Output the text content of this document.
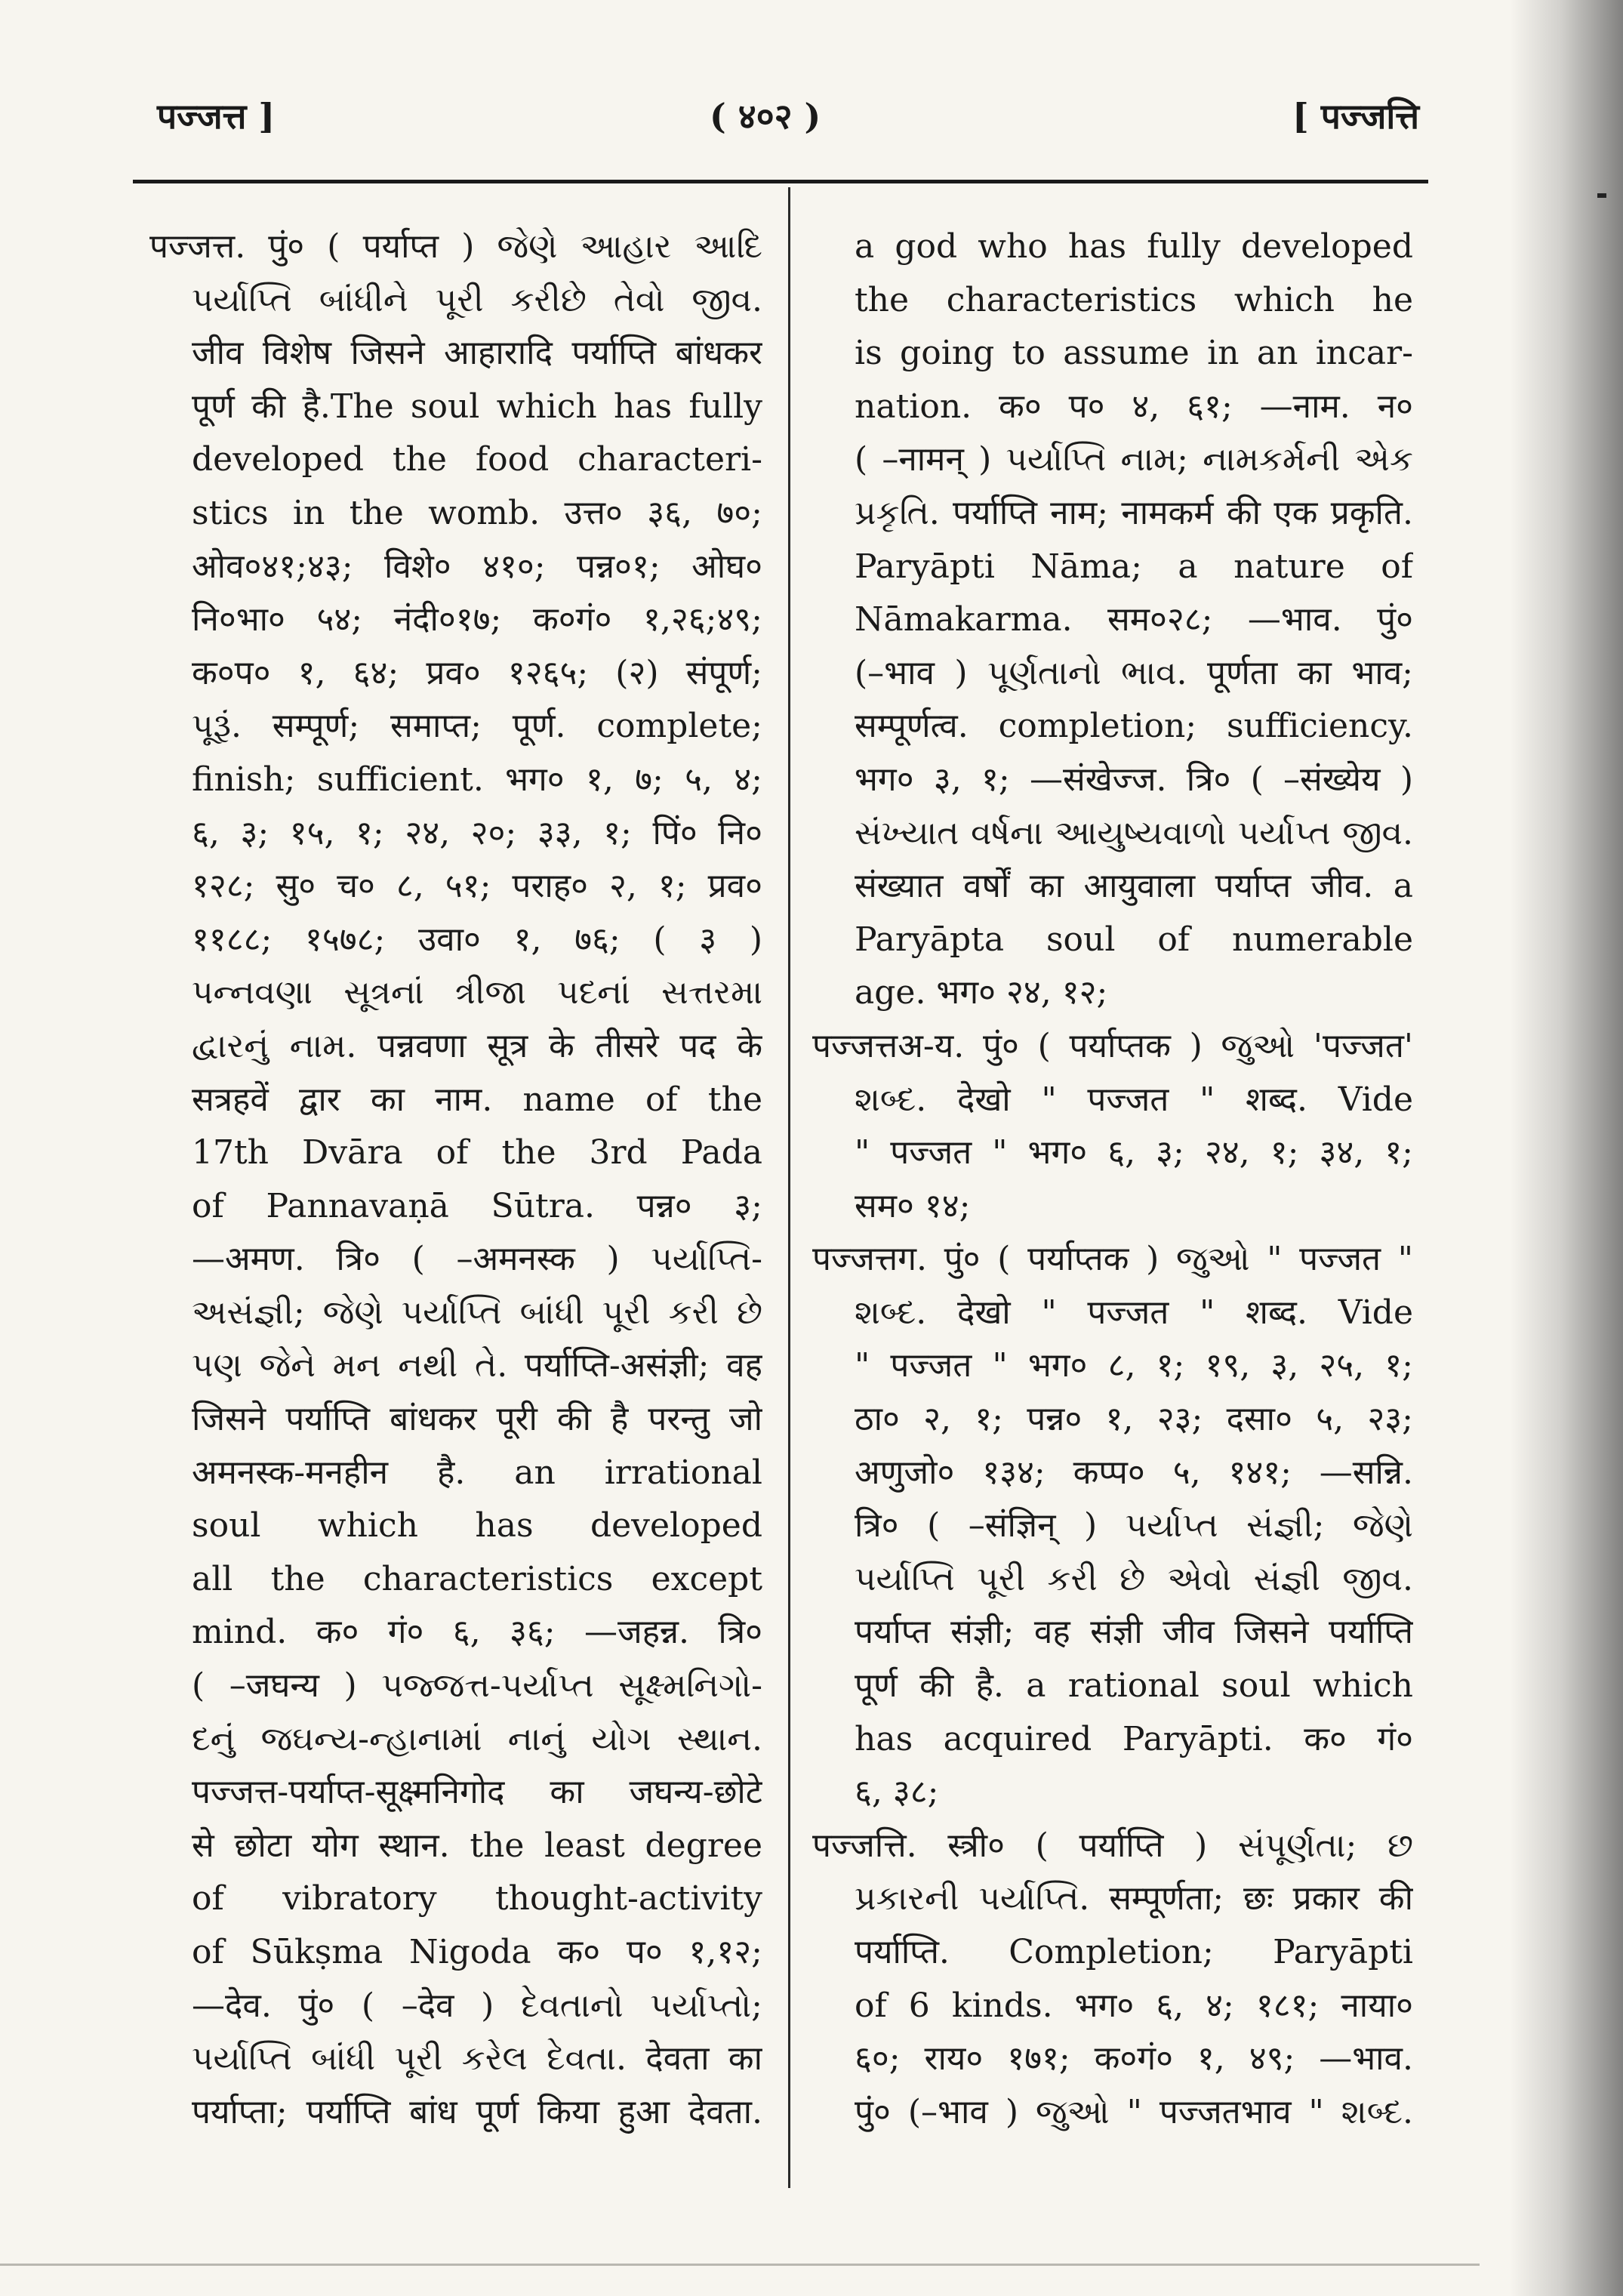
पज्जत्त ]	( ४०२ )	[ पज्जत्ति
पज्जत्त. पुं० ( पर्याप्त ) જેણે આહાર આદિ
પર્યાપ્તિ બાંધીને પૂરી કરીછે તેવો જીવ.
जीव विशेष जिसने आहारादि पर्याप्ति बांधकर
पूर्ण की है.The soul which has fully
developed the food characteri-
stics in the womb. उत्त० ३६, ७०;
ओव०४१;४३; विशे० ४१०; पन्न०१; ओघ०
नि०भा० ५४; नंदी०१७; क०गं० १,२६;४९;
क०प० १, ६४; प्रव० १२६५; (२) संपूर्ण;
પૂરૂં. सम्पूर्ण; समाप्त; पूर्ण. complete;
finish; sufficient. भग० १, ७; ५, ४;
६, ३; १५, १; २४, २०; ३३, १; पिं० नि०
१२८; सु० च० ८, ५१; पराह० २, १; प्रव०
११८८; १५७८; उवा० १, ७६; ( ३ )
પન્નવણા સૂત્રનાં ત્રીજા પદનાં સત્તરમા
દ્વારનું નામ. पन्नवणा सूत्र के तीसरे पद के
सत्रहवें द्वार का नाम. name of the
17th Dvāra of the 3rd Pada
of Pannavaṇā Sūtra. पन्न० ३;
—अमण. त्रि० ( –अमनस्क ) પર્યાપ્તિ-
અસંજ્ઞી; જેણે પર્યાપ્તિ બાંધી પૂરી કરી છે
પણ જેને મન નથી તે. पर्याप्ति-असंज्ञी; वह
जिसने पर्याप्ति बांधकर पूरी की है परन्तु जो
अमनस्क-मनहीन है. an irrational
soul which has developed
all the characteristics except
mind. क० गं० ६, ३६; —जहन्न. त्रि०
( –जघन्य ) પજ્જત્ત-પર્યાપ્ત સૂક્ષ્મનિગો-
દનું જઘન્ય-ન્હાનામાં નાનું યોગ સ્થાન.
पज्जत्त-पर्याप्त-सूक्ष्मनिगोद का जघन्य-छोटे
से छोटा योग स्थान. the least degree
of vibratory thought-activity
of Sūkṣma Nigoda क० प० १,१२;
—देव. पुं० ( –देव ) દેવતાનો પર્યાપ્તો;
પર્યાપ્તિ બાંધી પૂરી કરેલ દેવતા. देवता का
पर्याप्ता; पर्याप्ति बांध पूर्ण किया हुआ देवता.
a god who has fully developed
the characteristics which he
is going to assume in an incar-
nation. क० प० ४, ६१; —नाम. न०
( –नामन् ) પર્યાપ્તિ નામ; નામકર્મની એક
પ્રકૃતિ. पर्याप्ति नाम; नामकर्म की एक प्रकृति.
Paryāpti Nāma; a nature of
Nāmakarma. सम०२८; —भाव. पुं०
(–भाव ) પૂર્ણતાનો ભાવ. पूर्णता का भाव;
सम्पूर्णत्व. completion; sufficiency.
भग० ३, १; —संखेज्ज. त्रि० ( –संख्येय )
સંખ્યાત વર્ષના આયુષ્યવાળો પર્યાપ્ત જીવ.
संख्यात वर्षों का आयुवाला पर्याप्त जीव. a
Paryāpta soul of numerable
age. भग० २४, १२;
पज्जत्तअ-य. पुं० ( पर्याप्तक ) જુઓ 'पज्जत'
શબ્દ. देखो " पज्जत " शब्द. Vide
" पज्जत " भग० ६, ३; २४, १; ३४, १;
सम० १४;
पज्जत्तग. पुं० ( पर्याप्तक ) જુઓ " पज्जत "
શબ્દ. देखो " पज्जत " शब्द. Vide
" पज्जत " भग० ८, १; १९, ३, २५, १;
ठा० २, १; पन्न० १, २३; दसा० ५, २३;
अणुजो० १३४; कप्प० ५, १४१; —सन्नि.
त्रि० ( –संज्ञिन् ) પર્યાપ્ત સંજ્ઞી; જેણે
પર્યાપ્તિ પૂરી કરી છે એવો સંજ્ઞી જીવ.
पर्याप्त संज्ञी; वह संज्ञी जीव जिसने पर्याप्ति
पूर्ण की है. a rational soul which
has acquired Paryāpti. क० गं०
६, ३८;
पज्जत्ति. स्त्री० ( पर्याप्ति ) સંપૂર્ણતા; છ
પ્રકારની પર્યાપ્તિ. सम्पूर्णता; छः प्रकार की
पर्याप्ति. Completion; Paryāpti
of 6 kinds. भग० ६, ४; १८१; नाया०
६०; राय० १७१; क०गं० १, ४९; —भाव.
पुं० (–भाव ) જુઓ " पज्जतभाव " શબ્દ.
